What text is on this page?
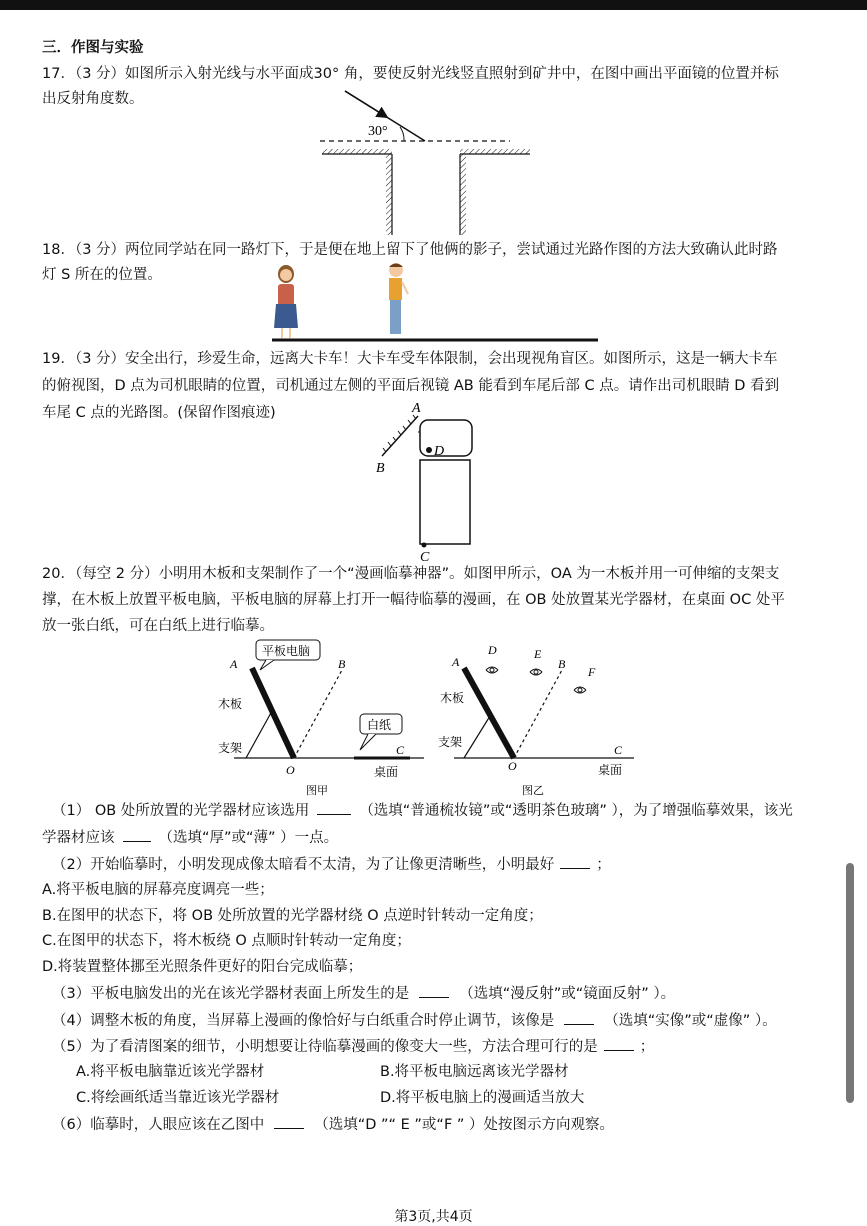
三．作图与实验
17．（3 分）如图所示入射光线与水平面成30° 角，要使反射光线竖直照射到矿井中，在图中画出平面镜的位置并标
出反射角度数。
30°
18．（3 分）两位同学站在同一路灯下，于是便在地上留下了他俩的影子，尝试通过光路作图的方法大致确认此时路
灯 S 所在的位置。
19．（3 分）安全出行，珍爱生命，远离大卡车！大卡车受车体限制，会出现视角盲区。如图所示，这是一辆大卡车
的俯视图，D 点为司机眼睛的位置，司机通过左侧的平面后视镜 AB 能看到车尾后部 C 点。请作出司机眼睛 D 看到
车尾 C 点的光路图。(保留作图痕迹)	A
B
D
C
20．（每空 2 分）小明用木板和支架制作了一个“漫画临摹神器”。如图甲所示，OA 为一木板并用一可伸缩的支架支
撑，在木板上放置平板电脑，平板电脑的屏幕上打开一幅待临摹的漫画，在 OB 处放置某光学器材，在桌面 OC 处平
放一张白纸，可在白纸上进行临摹。
平板电脑
白纸
A	B
C
O
木板
支架
桌面
图甲
A
D	E
B
F
C
O
木板
支架
桌面
图乙
（1） OB 处所放置的光学器材应该选用	（选填“普通梳妆镜”或“透明茶色玻璃” ），为了增强临摹效果，该光
学器材应该	（选填“厚”或“薄” ）一点。
（2）开始临摹时，小明发现成像太暗看不太清，为了让像更清晰些，小明最好	；
A.将平板电脑的屏幕亮度调亮一些；
B.在图甲的状态下，将 OB 处所放置的光学器材绕 O 点逆时针转动一定角度；
C.在图甲的状态下，将木板绕 O 点顺时针转动一定角度；
D.将装置整体挪至光照条件更好的阳台完成临摹；
（3）平板电脑发出的光在该光学器材表面上所发生的是	（选填“漫反射”或“镜面反射” ）。
（4）调整木板的角度，当屏幕上漫画的像恰好与白纸重合时停止调节，该像是	（选填“实像”或“虚像” ）。
（5）为了看清图案的细节，小明想要让待临摹漫画的像变大一些，方法合理可行的是	；
A.将平板电脑靠近该光学器材	B.将平板电脑远离该光学器材
C.将绘画纸适当靠近该光学器材	D.将平板电脑上的漫画适当放大
（6）临摹时，人眼应该在乙图中	（选填“D ”“ E ”或“F ” ）处按图示方向观察。
第3页,共4页
